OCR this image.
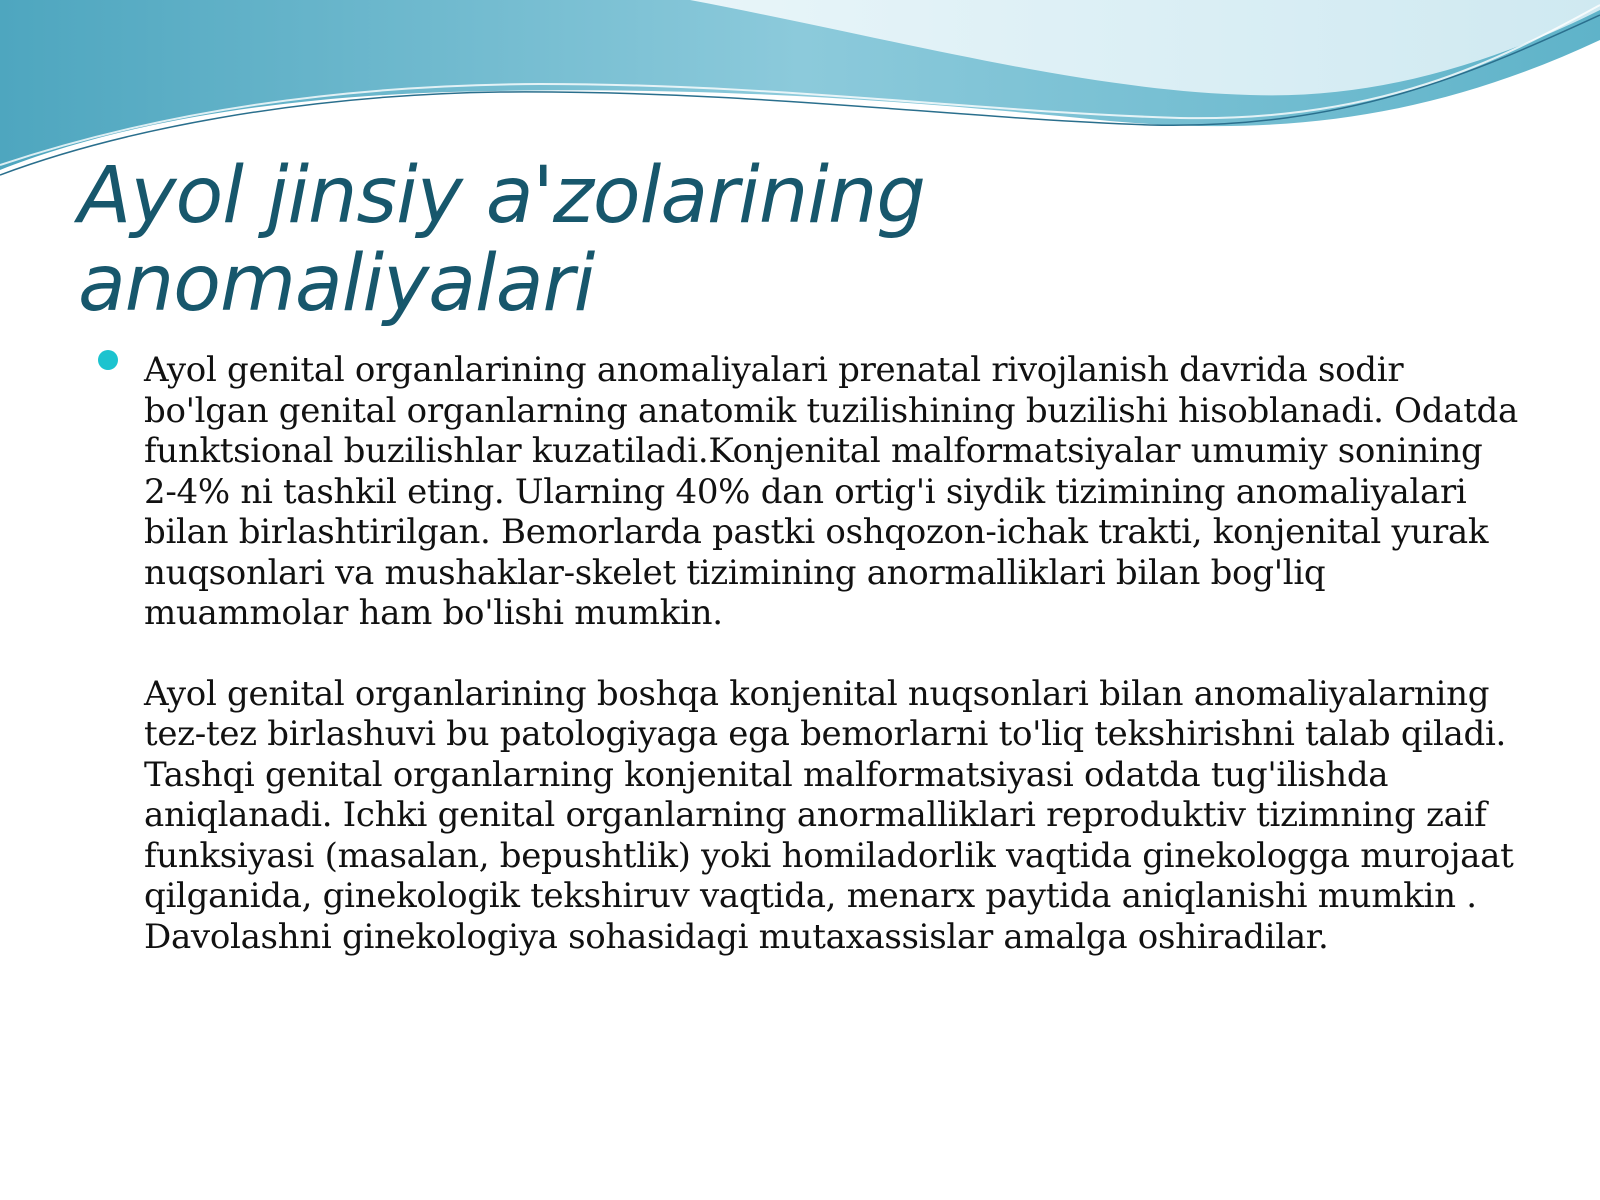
Ayol jinsiy a'zolarining anomaliyalari
Ayol genital organlarining anomaliyalari prenatal rivojlanish davrida sodir bo'lgan genital organlarning anatomik tuzilishining buzilishi hisoblanadi. Odatda funktsional buzilishlar kuzatiladi.Konjenital malformatsiyalar umumiy sonining 2-4% ni tashkil eting. Ularning 40% dan ortig'i siydik tizimining anomaliyalari bilan birlashtirilgan. Bemorlarda pastki oshqozon-ichak trakti, konjenital yurak nuqsonlari va mushaklar-skelet tizimining anormalliklari bilan bog'liq muammolar ham bo'lishi mumkin.
Ayol genital organlarining boshqa konjenital nuqsonlari bilan anomaliyalarning tez-tez birlashuvi bu patologiyaga ega bemorlarni to'liq tekshirishni talab qiladi. Tashqi genital organlarning konjenital malformatsiyasi odatda tug'ilishda aniqlanadi. Ichki genital organlarning anormalliklari reproduktiv tizimning zaif funksiyasi (masalan, bepushtlik) yoki homiladorlik vaqtida ginekologga murojaat qilganida, ginekologik tekshiruv vaqtida, menarx paytida aniqlanishi mumkin . Davolashni ginekologiya sohasidagi mutaxassislar amalga oshiradilar.
